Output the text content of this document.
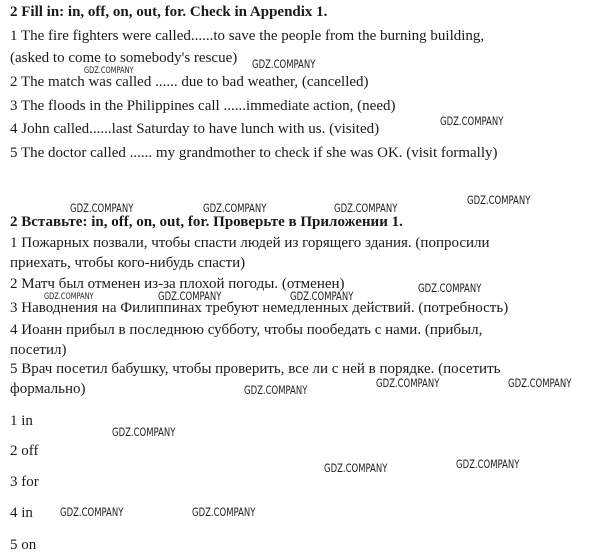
2 Fill in: in, off, on, out, for. Check in Appendix 1.
1 The fire fighters were called......to save the people from the burning building,
(asked to come to somebody's rescue)
2 The match was called ...... due to bad weather, (cancelled)
3 The floods in the Philippines call ......immediate action, (need)
4 John called......last Saturday to have lunch with us. (visited)
5 The doctor called ...... my grandmother to check if she was OK. (visit formally)
2 Вставьте: in, off, on, out, for. Проверьте в Приложении 1.
1 Пожарных позвали, чтобы спасти людей из горящего здания. (попросили
приехать, чтобы кого-нибудь спасти)
2 Матч был отменен из-за плохой погоды. (отменен)
3 Наводнения на Филиппинах требуют немедленных действий. (потребность)
4 Иоанн прибыл в последнюю субботу, чтобы пообедать с нами. (прибыл,
посетил)
5 Врач посетил бабушку, чтобы проверить, все ли с ней в порядке. (посетить
формально)
1 in
2 off
3 for
4 in
5 on
GDZ.COMPANY
GDZ.COMPANY
GDZ.COMPANY
GDZ.COMPANY	GDZ.COMPANY	GDZ.COMPANY
GDZ.COMPANY
GDZ.COMPANY
GDZ.COMPANY	GDZ.COMPANY	GDZ.COMPANY
GDZ.COMPANY	GDZ.COMPANY	GDZ.COMPANY
GDZ.COMPANY
GDZ.COMPANY	GDZ.COMPANY
GDZ.COMPANY	GDZ.COMPANY
